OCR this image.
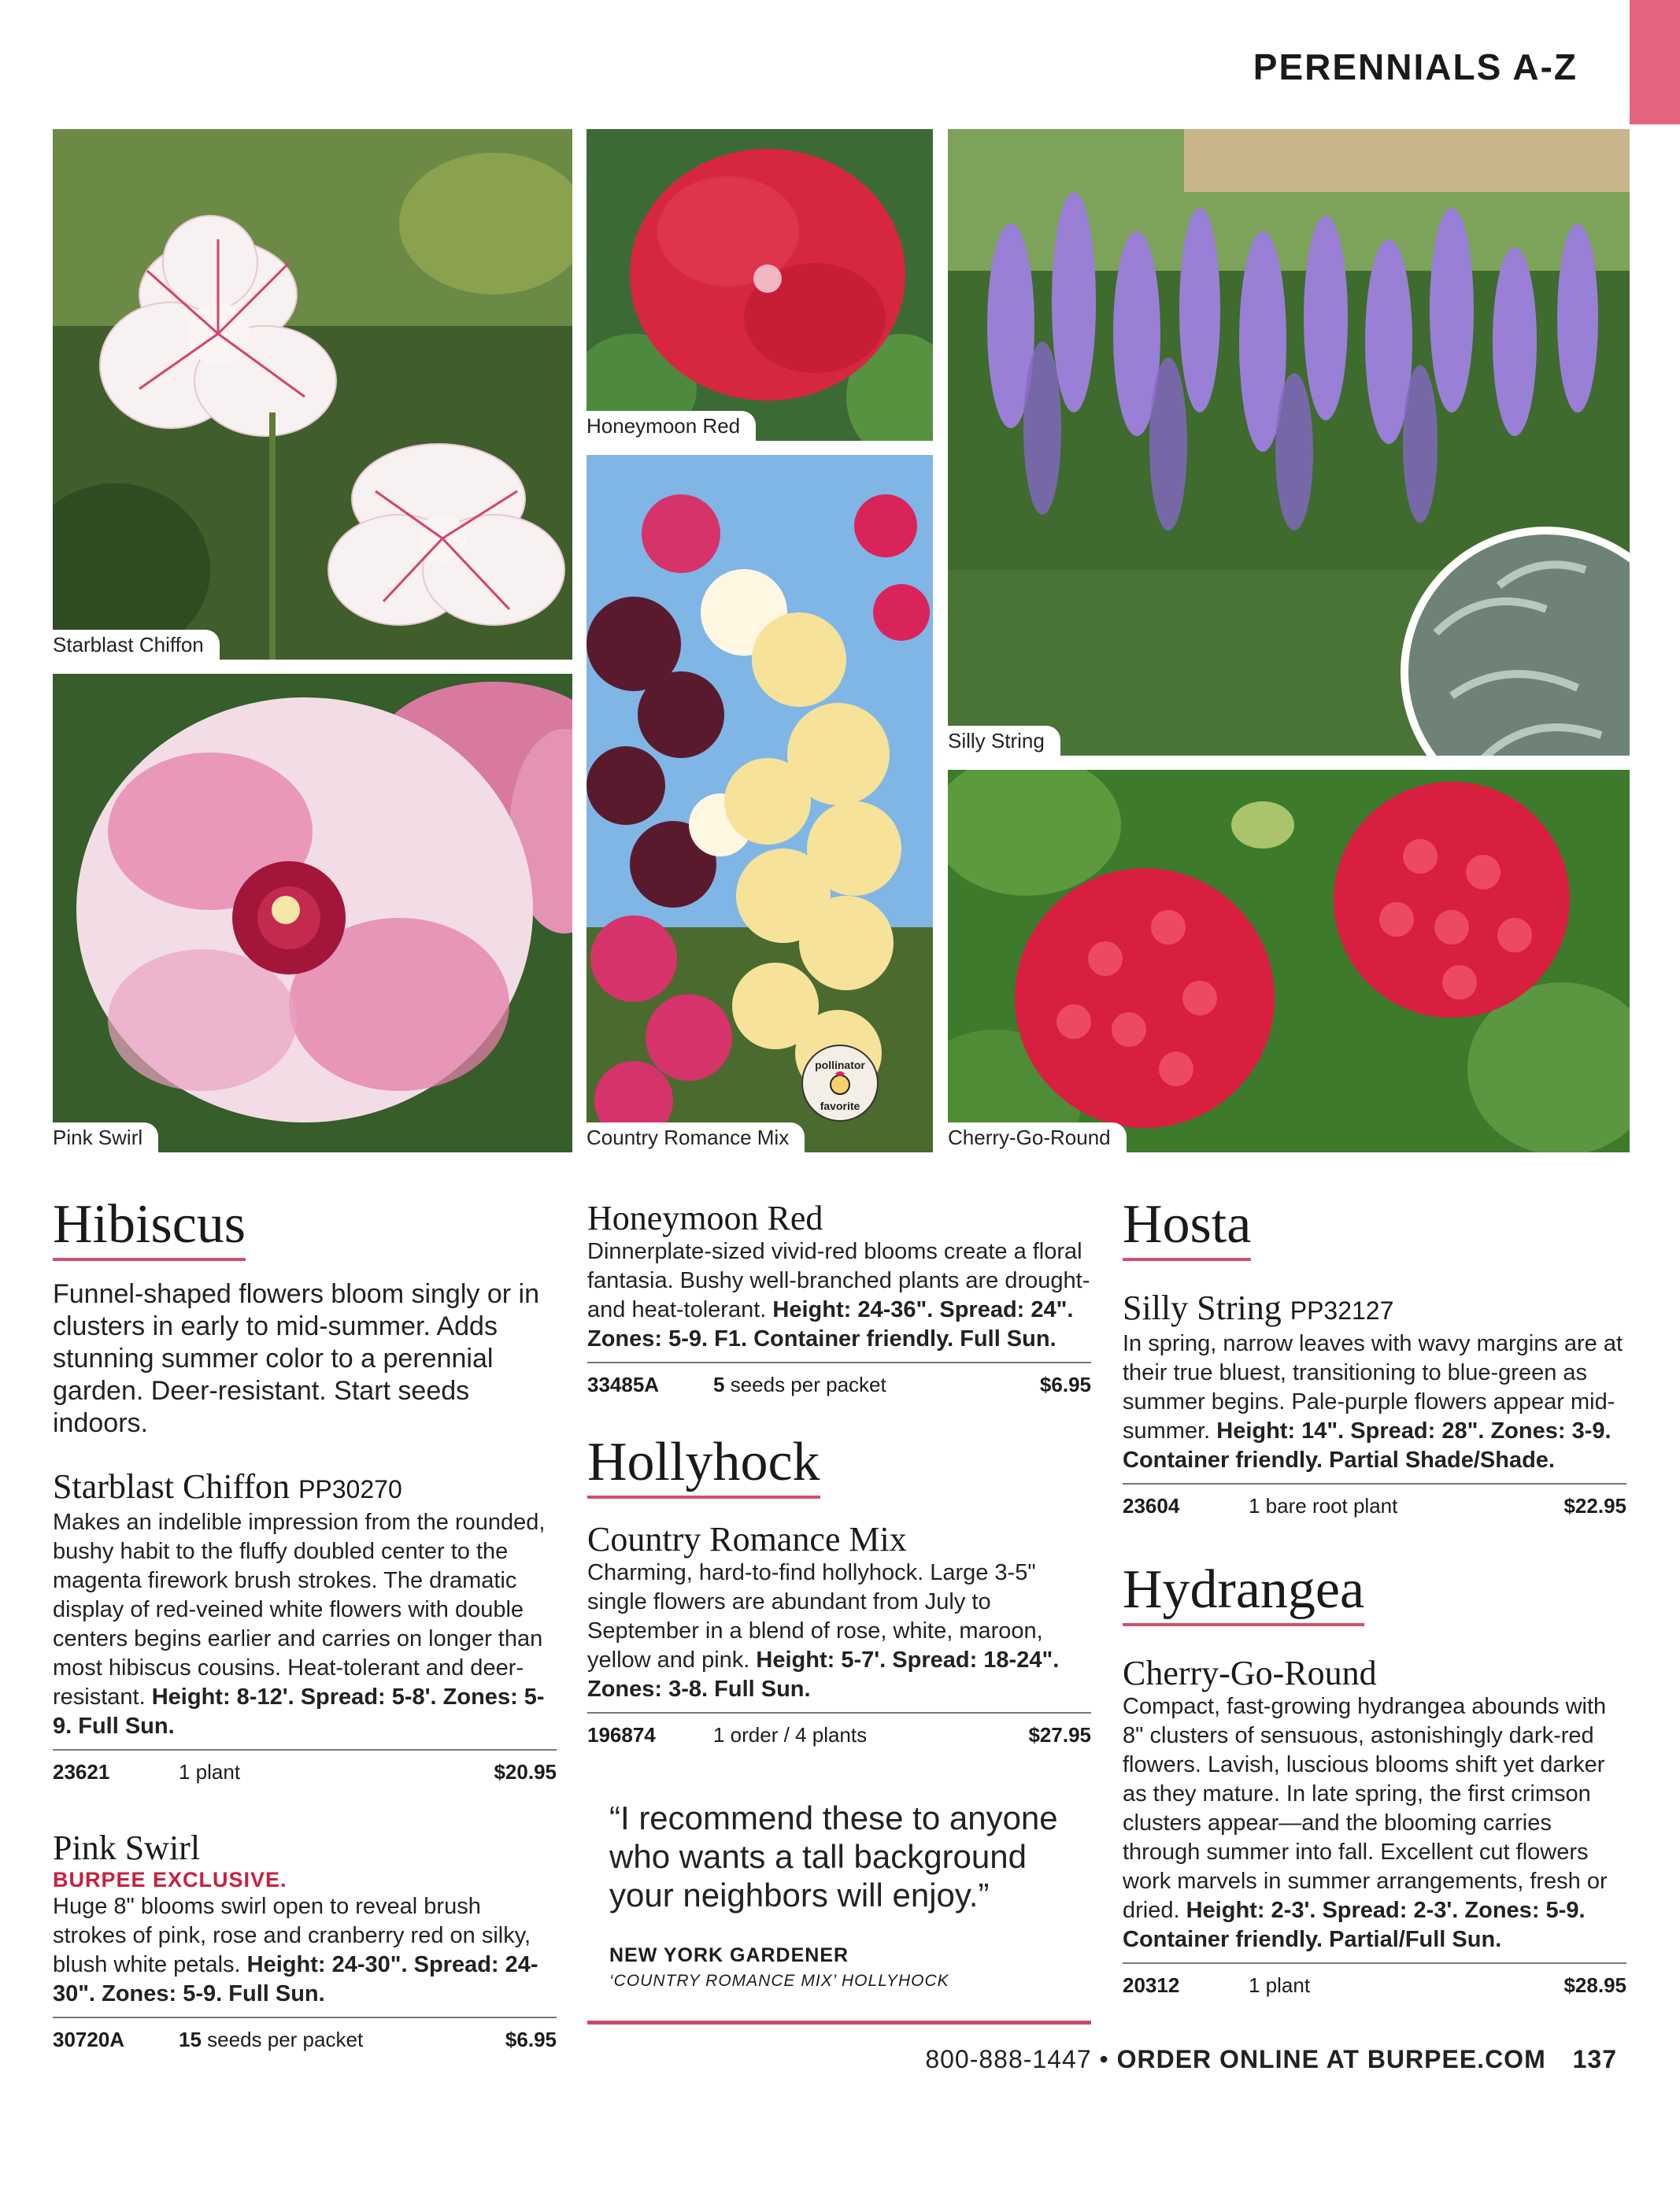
PERENNIALS A-Z
Starblast Chiffon
Pink Swirl
Honeymoon Red
pollinator
favorite
Country Romance Mix
Silly String
Cherry-Go-Round
Hibiscus
Funnel-shaped flowers bloom singly or in clusters in early to mid-summer. Adds stunning summer color to a perennial garden. Deer-resistant. Start seeds indoors.
Starblast Chiffon PP30270
Makes an indelible impression from the rounded, bushy habit to the fluffy doubled center to the magenta firework brush strokes. The dramatic display of red-veined white flowers with double centers begins earlier and carries on longer than most hibiscus cousins. Heat-tolerant and deer-resistant. Height: 8-12'. Spread: 5-8'. Zones: 5-9. Full Sun.
23621	1 plant	$20.95
Pink Swirl
BURPEE EXCLUSIVE.
Huge 8" blooms swirl open to reveal brush strokes of pink, rose and cranberry red on silky, blush white petals. Height: 24-30". Spread: 24-30". Zones: 5-9. Full Sun.
30720A	15 seeds per packet	$6.95
Honeymoon Red
Dinnerplate-sized vivid-red blooms create a floral fantasia. Bushy well-branched plants are drought- and heat-tolerant. Height: 24-36". Spread: 24". Zones: 5-9. F1. Container friendly. Full Sun.
33485A	5 seeds per packet	$6.95
Hollyhock
Country Romance Mix
Charming, hard-to-find hollyhock. Large 3-5" single flowers are abundant from July to September in a blend of rose, white, maroon, yellow and pink. Height: 5-7'. Spread: 18-24". Zones: 3-8. Full Sun.
196874	1 order / 4 plants	$27.95
“I recommend these to anyone who wants a tall background your neighbors will enjoy.”
NEW YORK GARDENER
‘COUNTRY ROMANCE MIX’ HOLLYHOCK
Hosta
Silly String PP32127
In spring, narrow leaves with wavy margins are at their true bluest, transitioning to blue-green as summer begins. Pale-purple flowers appear mid-summer. Height: 14". Spread: 28". Zones: 3-9. Container friendly. Partial Shade/Shade.
23604	1 bare root plant	$22.95
Hydrangea
Cherry-Go-Round
Compact, fast-growing hydrangea abounds with 8" clusters of sensuous, astonishingly dark-red flowers. Lavish, luscious blooms shift yet darker as they mature. In late spring, the first crimson clusters appear—and the blooming carries through summer into fall. Excellent cut flowers work marvels in summer arrangements, fresh or dried. Height: 2-3'. Spread: 2-3'. Zones: 5-9. Container friendly. Partial/Full Sun.
20312	1 plant	$28.95
800-888-1447 • ORDER ONLINE AT BURPEE.COM 137
